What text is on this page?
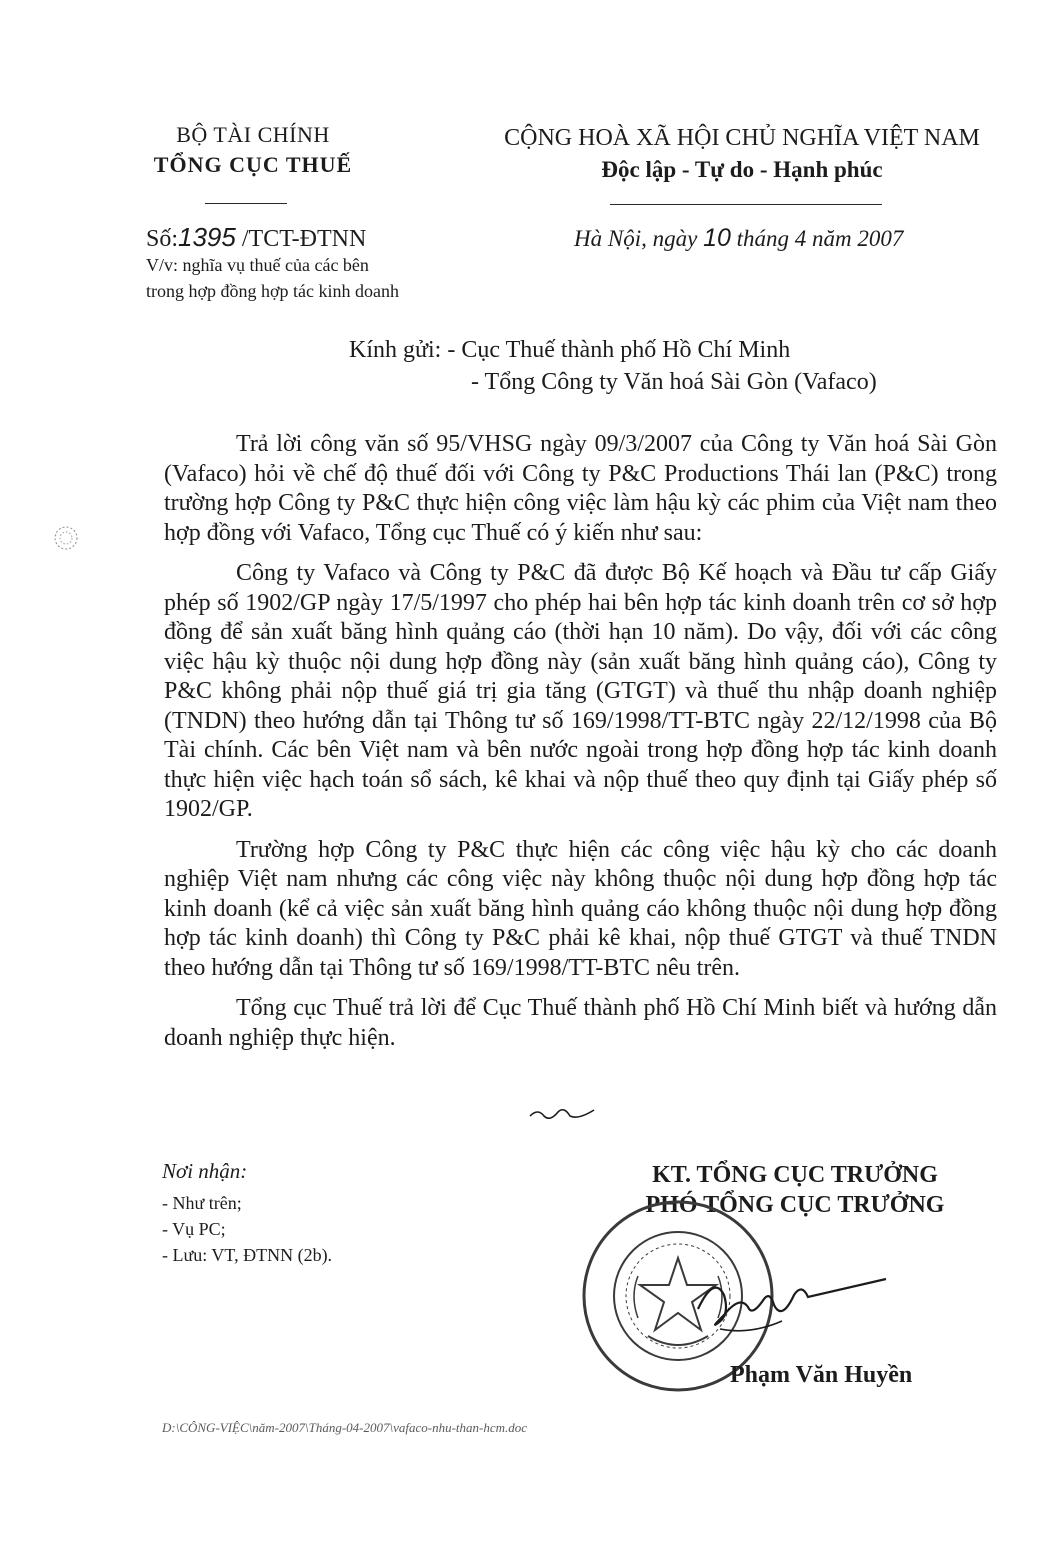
BỘ TÀI CHÍNH
TỔNG CỤC THUẾ
CỘNG HOÀ XÃ HỘI CHỦ NGHĨA VIỆT NAM
Độc lập - Tự do - Hạnh phúc
Số:1395 /TCT-ĐTNN
V/v: nghĩa vụ thuế của các bên
trong hợp đồng hợp tác kinh doanh
Hà Nội, ngày 10 tháng 4 năm 2007
Kính gửi: - Cục Thuế thành phố Hồ Chí Minh
- Tổng Công ty Văn hoá Sài Gòn (Vafaco)

Trả lời công văn số 95/VHSG ngày 09/3/2007 của Công ty Văn hoá Sài Gòn (Vafaco) hỏi về chế độ thuế đối với Công ty P&C Productions Thái lan (P&C) trong trường hợp Công ty P&C thực hiện công việc làm hậu kỳ các phim của Việt nam theo hợp đồng với Vafaco, Tổng cục Thuế có ý kiến như sau:

Công ty Vafaco và Công ty P&C đã được Bộ Kế hoạch và Đầu tư cấp Giấy phép số 1902/GP ngày 17/5/1997 cho phép hai bên hợp tác kinh doanh trên cơ sở hợp đồng để sản xuất băng hình quảng cáo (thời hạn 10 năm). Do vậy, đối với các công việc hậu kỳ thuộc nội dung hợp đồng này (sản xuất băng hình quảng cáo), Công ty P&C không phải nộp thuế giá trị gia tăng (GTGT) và thuế thu nhập doanh nghiệp (TNDN) theo hướng dẫn tại Thông tư số 169/1998/TT-BTC ngày 22/12/1998 của Bộ Tài chính. Các bên Việt nam và bên nước ngoài trong hợp đồng hợp tác kinh doanh thực hiện việc hạch toán sổ sách, kê khai và nộp thuế theo quy định tại Giấy phép số 1902/GP.

Trường hợp Công ty P&C thực hiện các công việc hậu kỳ cho các doanh nghiệp Việt nam nhưng các công việc này không thuộc nội dung hợp đồng hợp tác kinh doanh (kể cả việc sản xuất băng hình quảng cáo không thuộc nội dung hợp đồng hợp tác kinh doanh) thì Công ty P&C phải kê khai, nộp thuế GTGT và thuế TNDN theo hướng dẫn tại Thông tư số 169/1998/TT-BTC nêu trên.

Tổng cục Thuế trả lời để Cục Thuế thành phố Hồ Chí Minh biết và hướng dẫn doanh nghiệp thực hiện.

Nơi nhận:
- Như trên;
- Vụ PC;
- Lưu: VT, ĐTNN (2b).
KT. TỔNG CỤC TRƯỞNG
PHÓ TỔNG CỤC TRƯỞNG
Phạm Văn Huyền
D:\CÔNG-VIỆC\năm-2007\Tháng-04-2007\vafaco-nhu-than-hcm.doc
